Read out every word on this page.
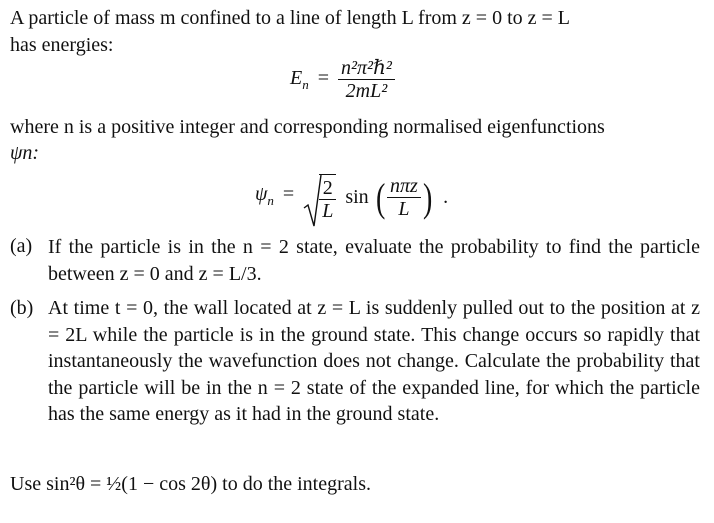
A particle of mass m confined to a line of length L from z = 0 to z = L
has energies:
$E_n = \frac{\text{n²π²ℏ²}}{\text{2mL²}}$
where n is a positive integer and corresponding normalised eigenfunctions
ψn:
$\psi_n = \frac{2}{L}$ sin ( $\frac{\text{nπz}}{L}$ ) .
(a) If the particle is in the n = 2 state, evaluate the probability to find the particle between z = 0 and z = L/3.
(b) At time t = 0, the wall located at z = L is suddenly pulled out to the position at z = 2L while the particle is in the ground state. This change occurs so rapidly that instantaneously the wavefunction does not change. Calculate the probability that the particle will be in the n = 2 state of the expanded line, for which the particle has the same energy as it had in the ground state.
Use sin²θ = ½(1 − cos 2θ) to do the integrals.
